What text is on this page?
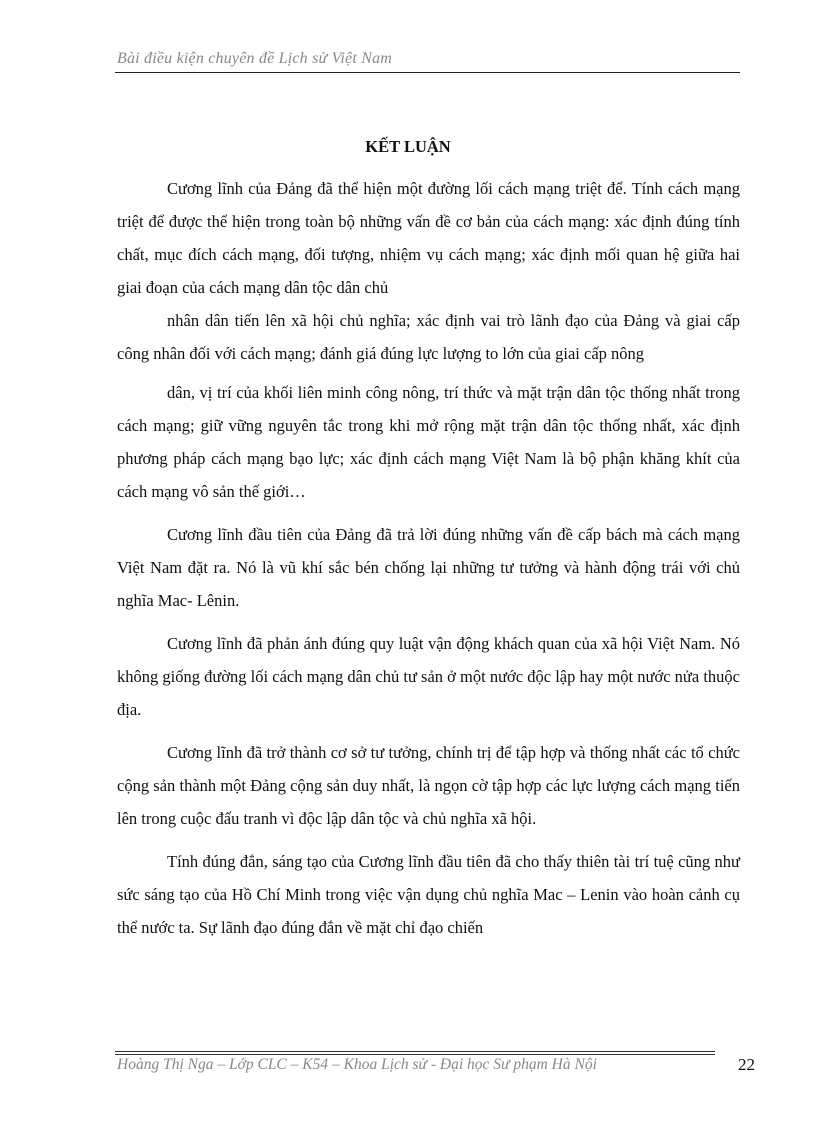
Bài điều kiện chuyên đề Lịch sử Việt Nam
KẾT LUẬN

Cương lĩnh của Đảng đã thể hiện một đường lối cách mạng triệt để. Tính cách mạng triệt để được thể hiện trong toàn bộ những vấn đề cơ bản của cách mạng: xác định đúng tính chất, mục đích cách mạng, đối tượng, nhiệm vụ cách mạng; xác định mối quan hệ giữa hai giai đoạn của cách mạng dân tộc dân chủ

nhân dân tiến lên xã hội chủ nghĩa; xác định vai trò lãnh đạo của Đảng và giai cấp công nhân đối với cách mạng; đánh giá đúng lực lượng to lớn của giai cấp nông

dân, vị trí của khối liên minh công nông, trí thức và mặt trận dân tộc thống nhất trong cách mạng; giữ vững nguyên tắc trong khi mở rộng mặt trận dân tộc thống nhất, xác định phương pháp cách mạng bạo lực; xác định cách mạng Việt Nam là bộ phận khăng khít của cách mạng vô sản thế giới…

Cương lĩnh đầu tiên của Đảng đã trả lời đúng những vấn đề cấp bách mà cách mạng Việt Nam đặt ra. Nó là vũ khí sắc bén chống lại những tư tưởng và hành động trái với chủ nghĩa Mac- Lênin.

Cương lĩnh đã phản ánh đúng quy luật vận động khách quan của xã hội Việt Nam. Nó không giống đường lối cách mạng dân chủ tư sản ở một nước độc lập hay một nước nửa thuộc địa.

Cương lĩnh đã trở thành cơ sở tư tưởng, chính trị để tập hợp và thống nhất các tổ chức cộng sản thành một Đảng cộng sản duy nhất, là ngọn cờ tập hợp các lực lượng cách mạng tiến lên trong cuộc đấu tranh vì độc lập dân tộc và chủ nghĩa xã hội.

Tính đúng đắn, sáng tạo của Cương lĩnh đầu tiên đã cho thấy thiên tài trí tuệ cũng như sức sáng tạo của Hồ Chí Minh trong việc vận dụng chủ nghĩa Mac – Lenin vào hoàn cảnh cụ thể nước ta. Sự lãnh đạo đúng đắn về mặt chỉ đạo chiến

Hoàng Thị Nga – Lớp CLC – K54 – Khoa Lịch sử - Đại học Sư phạm Hà Nội	22
